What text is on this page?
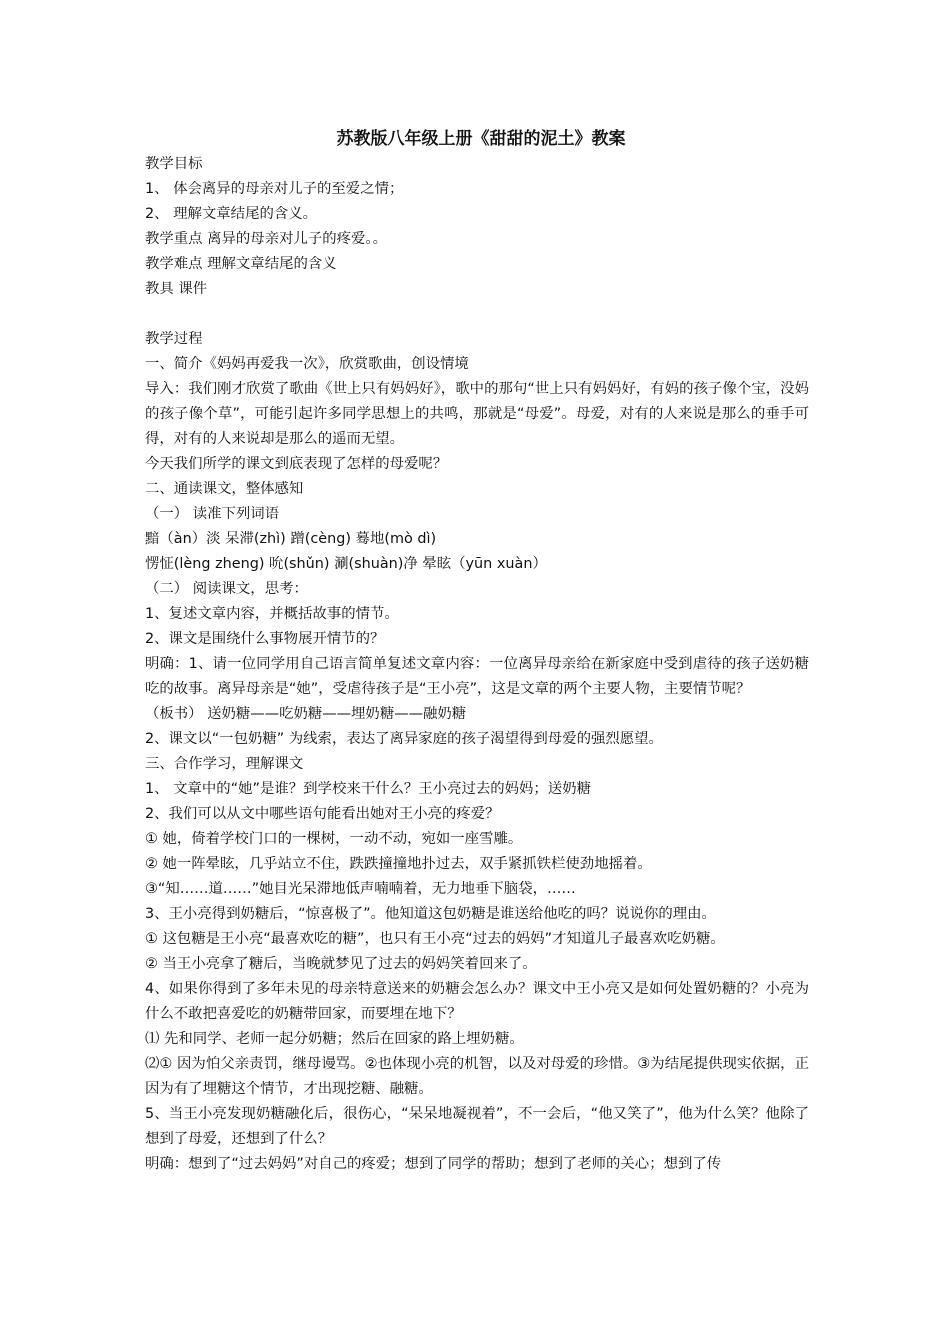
苏教版八年级上册《甜甜的泥土》教案

教学目标

1、 体会离异的母亲对儿子的至爱之情；

2、 理解文章结尾的含义。

教学重点 离异的母亲对儿子的疼爱。。

教学难点 理解文章结尾的含义

教具 课件

教学过程

一、简介《妈妈再爱我一次》，欣赏歌曲，创设情境

导入：我们刚才欣赏了歌曲《世上只有妈妈好》，歌中的那句“世上只有妈妈好，有妈的孩子像个宝，没妈的孩子像个草”，可能引起许多同学思想上的共鸣，那就是“母爱”。母爱，对有的人来说是那么的垂手可得，对有的人来说却是那么的遥而无望。

今天我们所学的课文到底表现了怎样的母爱呢？

二、通读课文，整体感知

（一） 读准下列词语

黯（àn）淡 呆滞(zhì) 蹭(cèng) 蓦地(mò dì)

愣怔(lèng zheng) 吮(shǔn) 涮(shuàn)净 晕眩（yūn xuàn）

（二） 阅读课文，思考：

1、复述文章内容，并概括故事的情节。

2、课文是围绕什么事物展开情节的？

明确：1、请一位同学用自己语言简单复述文章内容：一位离异母亲给在新家庭中受到虐待的孩子送奶糖吃的故事。离异母亲是“她”，受虐待孩子是“王小亮”，这是文章的两个主要人物，主要情节呢？

（板书） 送奶糖——吃奶糖——埋奶糖——融奶糖

2、课文以“一包奶糖” 为线索，表达了离异家庭的孩子渴望得到母爱的强烈愿望。

三、合作学习，理解课文

1、 文章中的“她”是谁？到学校来干什么？王小亮过去的妈妈；送奶糖

2、我们可以从文中哪些语句能看出她对王小亮的疼爱？

① 她，倚着学校门口的一棵树，一动不动，宛如一座雪雕。

② 她一阵晕眩，几乎站立不住，跌跌撞撞地扑过去，双手紧抓铁栏使劲地摇着。

③“知……道……”她目光呆滞地低声喃喃着，无力地垂下脑袋，……

3、王小亮得到奶糖后，“惊喜极了”。他知道这包奶糖是谁送给他吃的吗？说说你的理由。

① 这包糖是王小亮“最喜欢吃的糖”，也只有王小亮“过去的妈妈”才知道儿子最喜欢吃奶糖。

② 当王小亮拿了糖后，当晚就梦见了过去的妈妈笑着回来了。

4、如果你得到了多年未见的母亲特意送来的奶糖会怎么办？课文中王小亮又是如何处置奶糖的？小亮为什么不敢把喜爱吃的奶糖带回家，而要埋在地下？

⑴ 先和同学、老师一起分奶糖；然后在回家的路上埋奶糖。

⑵① 因为怕父亲责罚，继母谩骂。②也体现小亮的机智，以及对母爱的珍惜。③为结尾提供现实依据，正因为有了埋糖这个情节，才出现挖糖、融糖。

5、当王小亮发现奶糖融化后，很伤心，“呆呆地凝视着”，不一会后，“他又笑了”，他为什么笑？他除了想到了母爱，还想到了什么？

明确：想到了“过去妈妈”对自己的疼爱；想到了同学的帮助；想到了老师的关心；想到了传
